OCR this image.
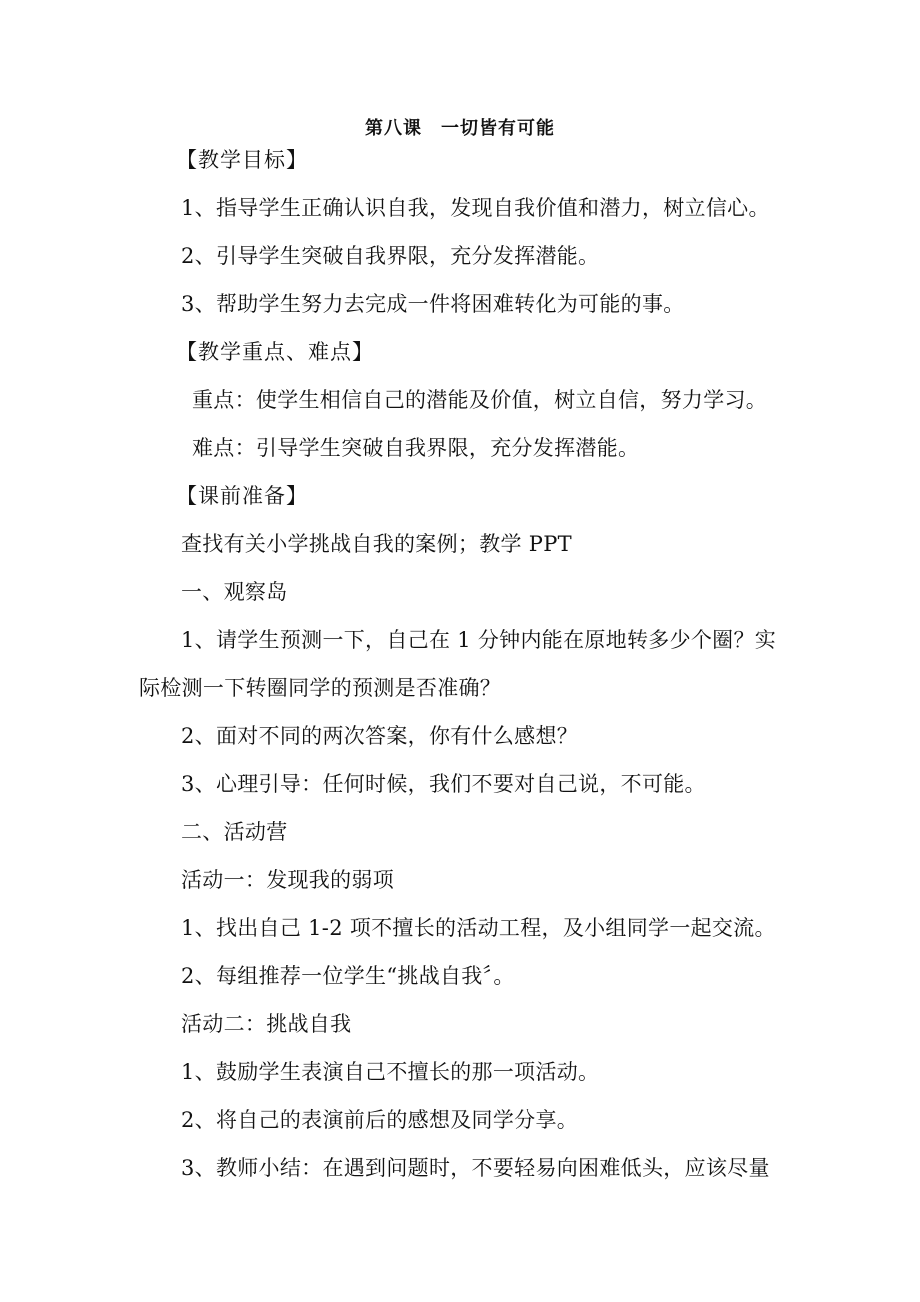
第八课　一切皆有可能
【教学目标】
1、指导学生正确认识自我，发现自我价值和潜力，树立信心。
2、引导学生突破自我界限，充分发挥潜能。
3、帮助学生努力去完成一件将困难转化为可能的事。
【教学重点、难点】
重点：使学生相信自己的潜能及价值，树立自信，努力学习。
难点：引导学生突破自我界限，充分发挥潜能。
【课前准备】
查找有关小学挑战自我的案例；教学 PPT
一、观察岛
1、请学生预测一下，自己在 1 分钟内能在原地转多少个圈？实
际检测一下转圈同学的预测是否准确？
2、面对不同的两次答案，你有什么感想？
3、心理引导：任何时候，我们不要对自己说，不可能。
二、活动营
活动一：发现我的弱项
1、找出自己 1-2 项不擅长的活动工程，及小组同学一起交流。
2、每组推荐一位学生“挑战自我〞。
活动二：挑战自我
1、鼓励学生表演自己不擅长的那一项活动。
2、将自己的表演前后的感想及同学分享。
3、教师小结：在遇到问题时，不要轻易向困难低头，应该尽量
